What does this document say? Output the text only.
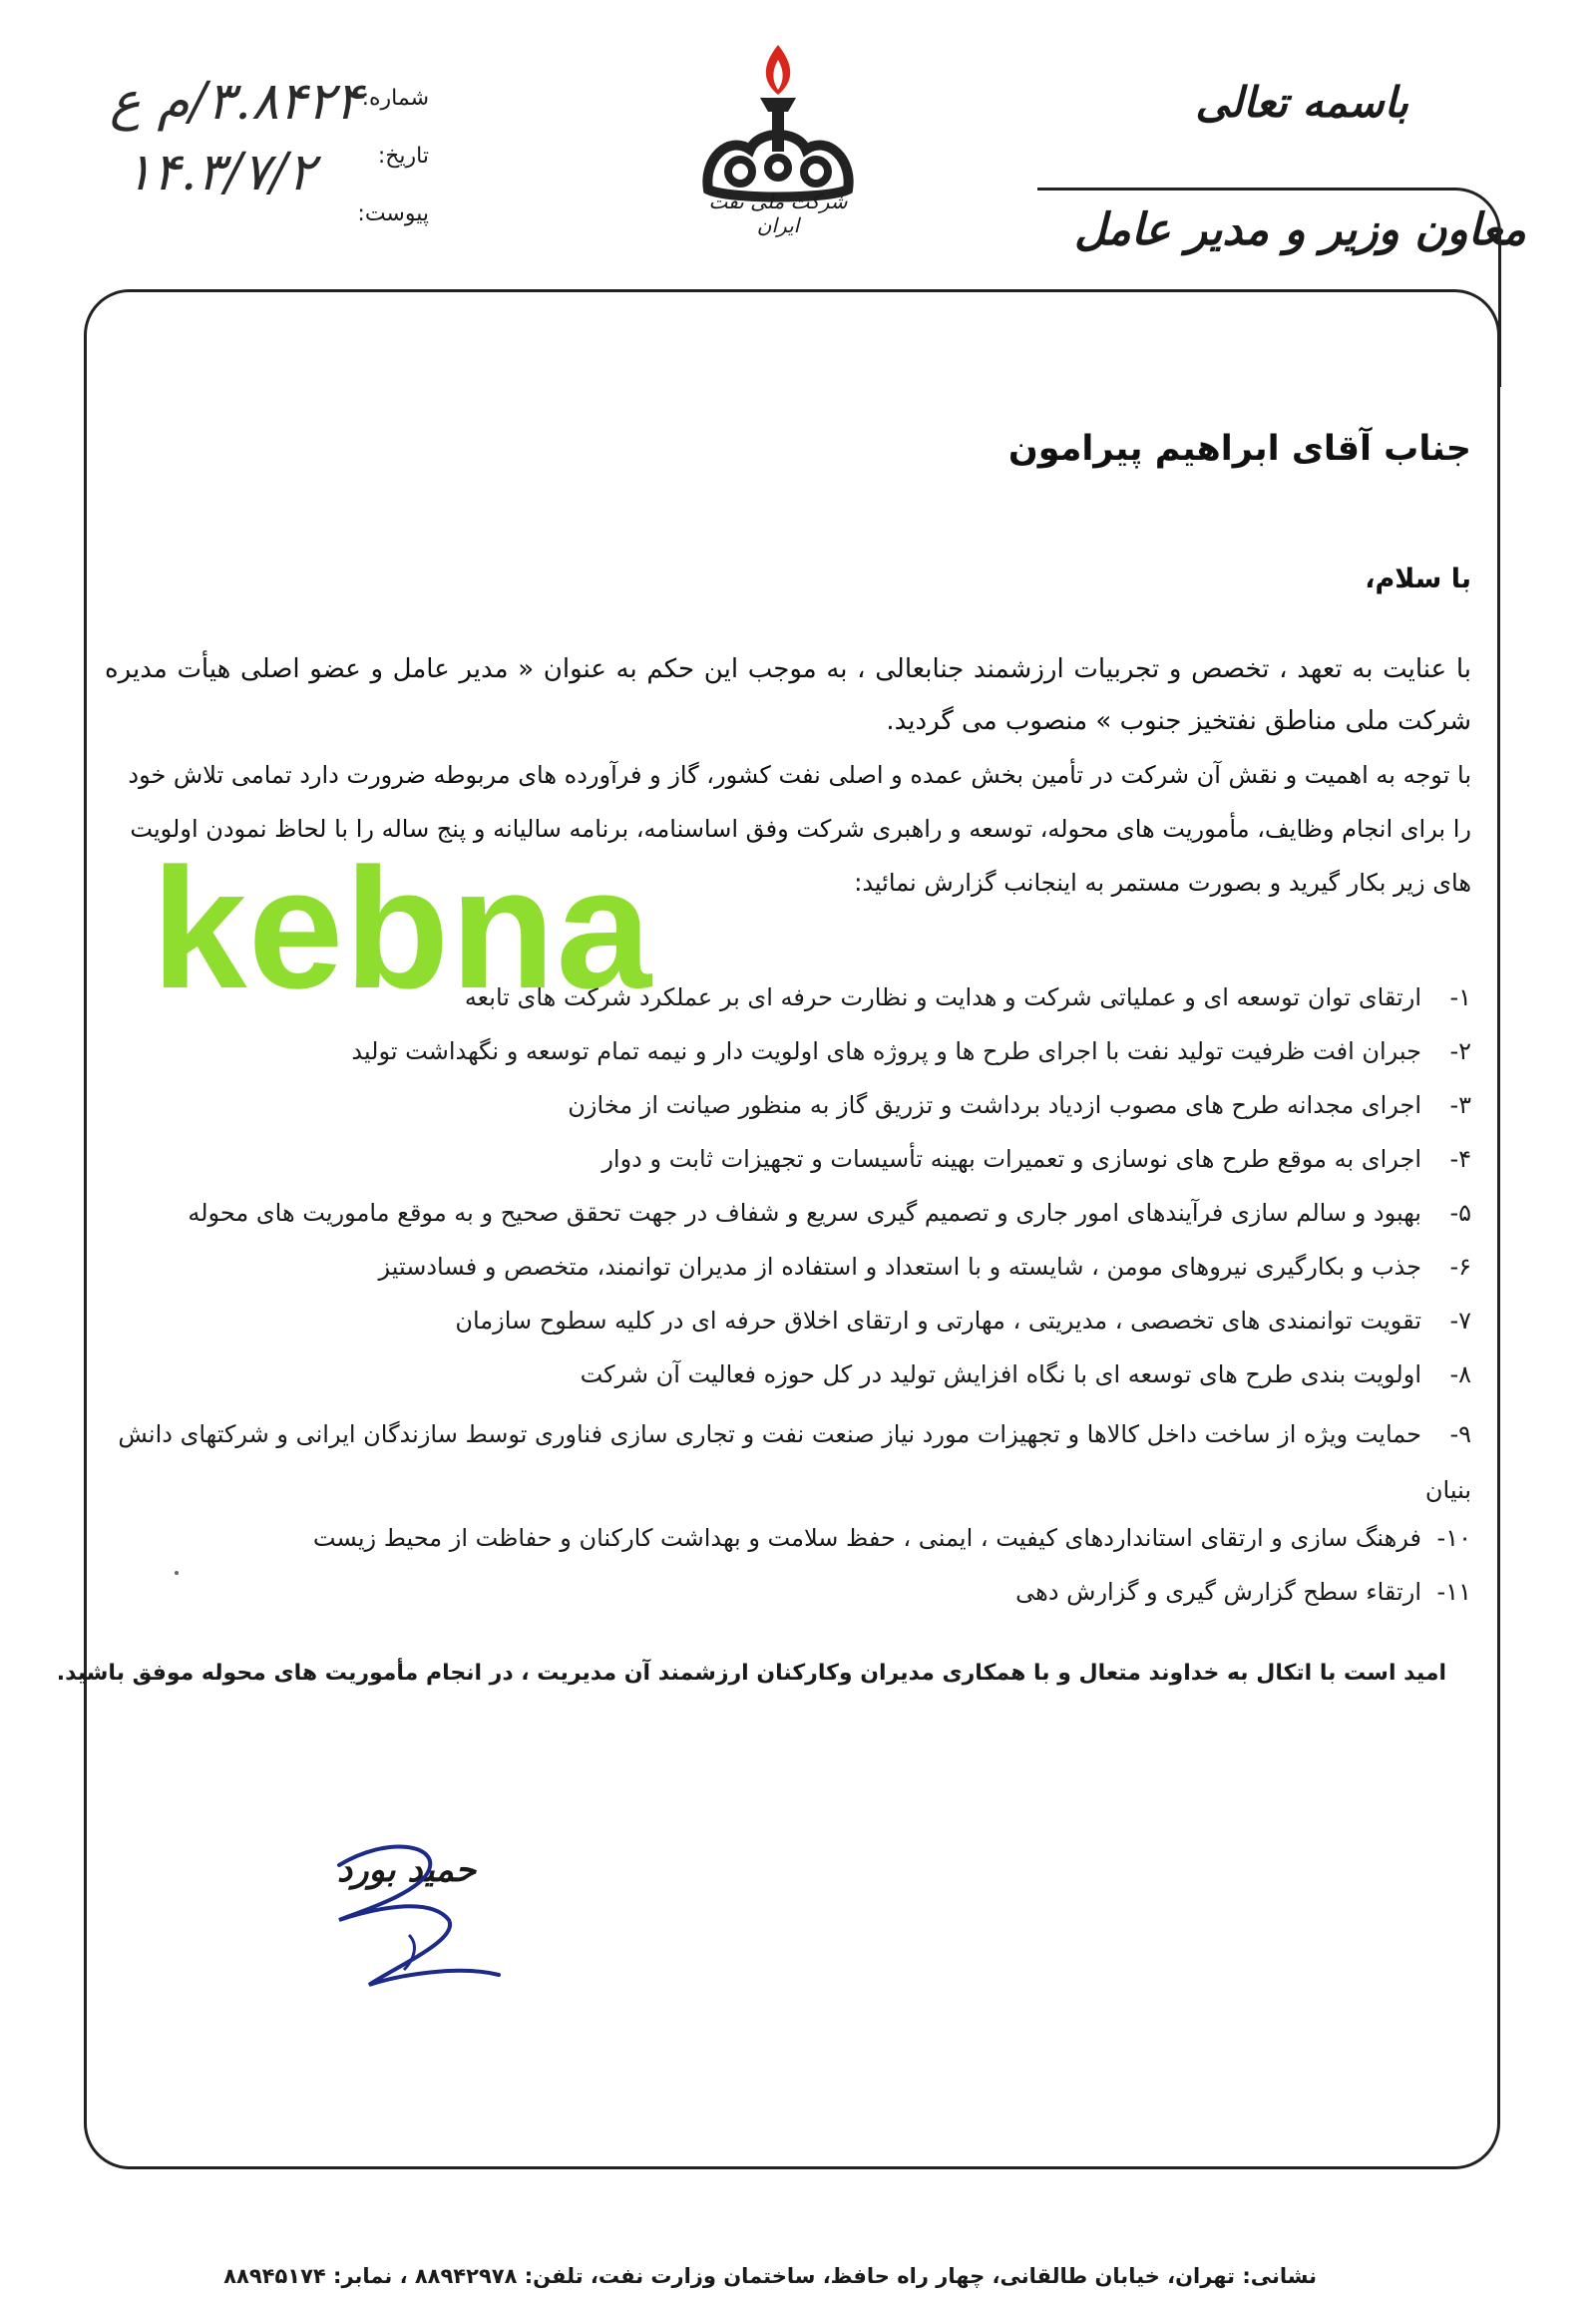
شماره:
تاریخ:
پیوست:
۳.۸۴۲۴/م ع
۱۴.۳/۷/۲	شرکت ملی نفت ایران
باسمه تعالی
معاون وزیر و مدیر عامل
جناب آقای ابراهیم پیرامون
با سلام،
با عنایت به تعهد ، تخصص و تجربیات ارزشمند جنابعالی ، به موجب این حکم به عنوان « مدیر عامل و عضو اصلی هیأت مدیره شرکت ملی مناطق نفتخیز جنوب » منصوب می گردید.
با توجه به اهمیت و نقش آن شرکت در تأمین بخش عمده و اصلی نفت کشور، گاز و فرآورده های مربوطه ضرورت دارد تمامی تلاش خود را برای انجام وظایف، مأموریت های محوله، توسعه و راهبری شرکت وفق اساسنامه، برنامه سالیانه و پنج ساله را با لحاظ نمودن اولویت های زیر بکار گیرید و بصورت مستمر به اینجانب گزارش نمائید:
۱-ارتقای توان توسعه ای و عملیاتی شرکت و هدایت و نظارت حرفه ای بر عملکرد شرکت های تابعه
۲-جبران افت ظرفیت تولید نفت با اجرای طرح ها و پروژه های اولویت دار و نیمه تمام توسعه و نگهداشت تولید
۳-اجرای مجدانه طرح های مصوب ازدیاد برداشت و تزریق گاز به منظور صیانت از مخازن
۴-اجرای به موقع طرح های نوسازی و تعمیرات بهینه تأسیسات و تجهیزات ثابت و دوار
۵-بهبود و سالم سازی فرآیندهای امور جاری و تصمیم گیری سریع و شفاف در جهت تحقق صحیح و به موقع ماموریت های محوله
۶-جذب و بکارگیری نیروهای مومن ، شایسته و با استعداد و استفاده از مدیران توانمند، متخصص و فسادستیز
۷-تقویت توانمندی های تخصصی ، مدیریتی ، مهارتی و ارتقای اخلاق حرفه ای در کلیه سطوح سازمان
۸-اولویت بندی طرح های توسعه ای با نگاه افزایش تولید در کل حوزه فعالیت آن شرکت
۹-حمایت ویژه از ساخت داخل کالاها و تجهیزات مورد نیاز صنعت نفت و تجاری سازی فناوری توسط سازندگان ایرانی و شرکتهای دانش بنیان
۱۰-فرهنگ سازی و ارتقای استانداردهای کیفیت ، ایمنی ، حفظ سلامت و بهداشت کارکنان و حفاظت از محیط زیست
۱۱-ارتقاء سطح گزارش گیری و گزارش دهی
امید است با اتکال به خداوند متعال و با همکاری مدیران وکارکنان ارزشمند آن مدیریت ، در انجام مأموریت های محوله موفق باشید.
حمید بورد
kebna
نشانی: تهران، خیابان طالقانی، چهار راه حافظ، ساختمان وزارت نفت، تلفن: ۸۸۹۴۲۹۷۸ ، نمابر: ۸۸۹۴۵۱۷۴
